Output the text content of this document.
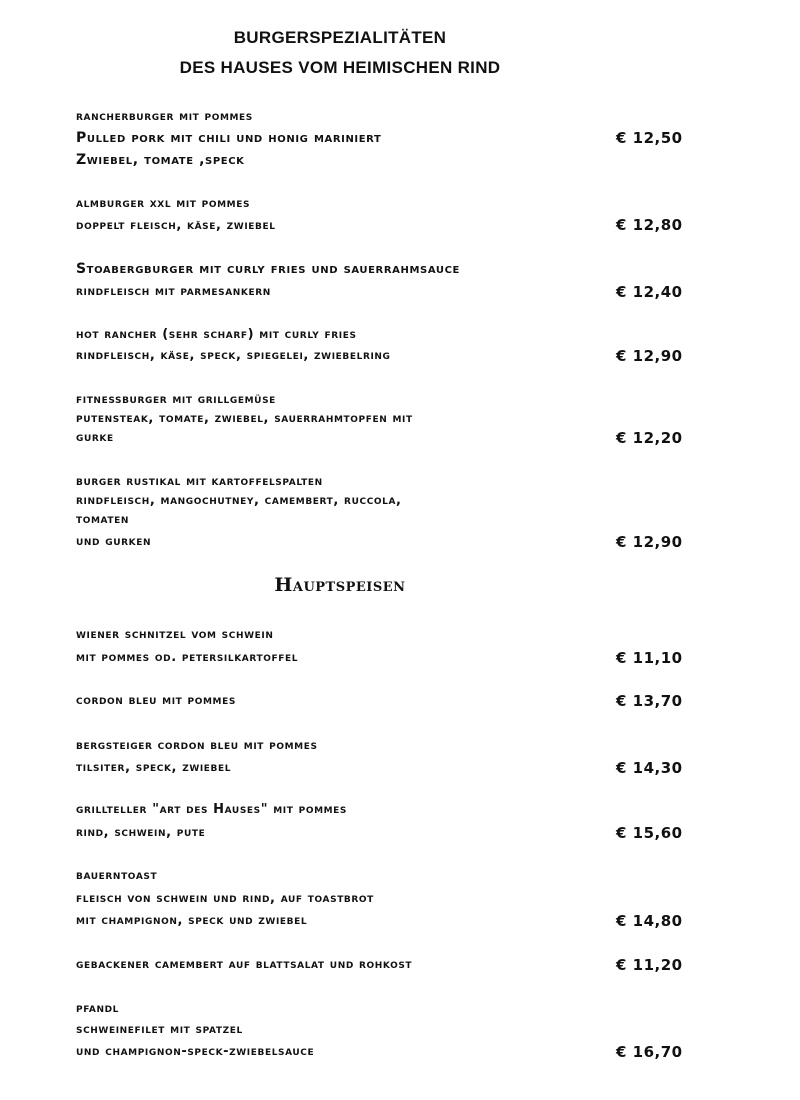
BURGERSPEZIALITÄTEN
DES HAUSES VOM HEIMISCHEN RIND
rancherburger mit pommes
Pulled pork mit chili und honig mariniert
Zwiebel, tomate ,speck
€ 12,50
almburger xxl mit pommes
doppelt fleisch, käse, zwiebel	€ 12,80
Stoabergburger mit curly fries und sauerrahmsauce
rindfleisch mit parmesankern	€ 12,40
hot rancher (sehr scharf) mit curly fries
rindfleisch, käse, speck, spiegelei, zwiebelring	€ 12,90
fitnessburger mit grillgemüse
putensteak, tomate, zwiebel, sauerrahmtopfen mit
gurke	€ 12,20
burger rustikal mit kartoffelspalten
rindfleisch, mangochutney, camembert, ruccola,
tomaten
und gurken	€ 12,90
Hauptspeisen
wiener schnitzel vom schwein
mit pommes od. petersilkartoffel	€ 11,10
cordon bleu mit pommes	€ 13,70
bergsteiger cordon bleu mit pommes
tilsiter, speck, zwiebel	€ 14,30
grillteller "art des Hauses" mit pommes
rind, schwein, pute	€ 15,60
bauerntoast
fleisch von schwein und rind, auf toastbrot
mit champignon, speck und zwiebel	€ 14,80
gebackener camembert auf blattsalat und rohkost	€ 11,20
pfandl
schweinefilet mit spatzel
und champignon-speck-zwiebelsauce	€ 16,70
